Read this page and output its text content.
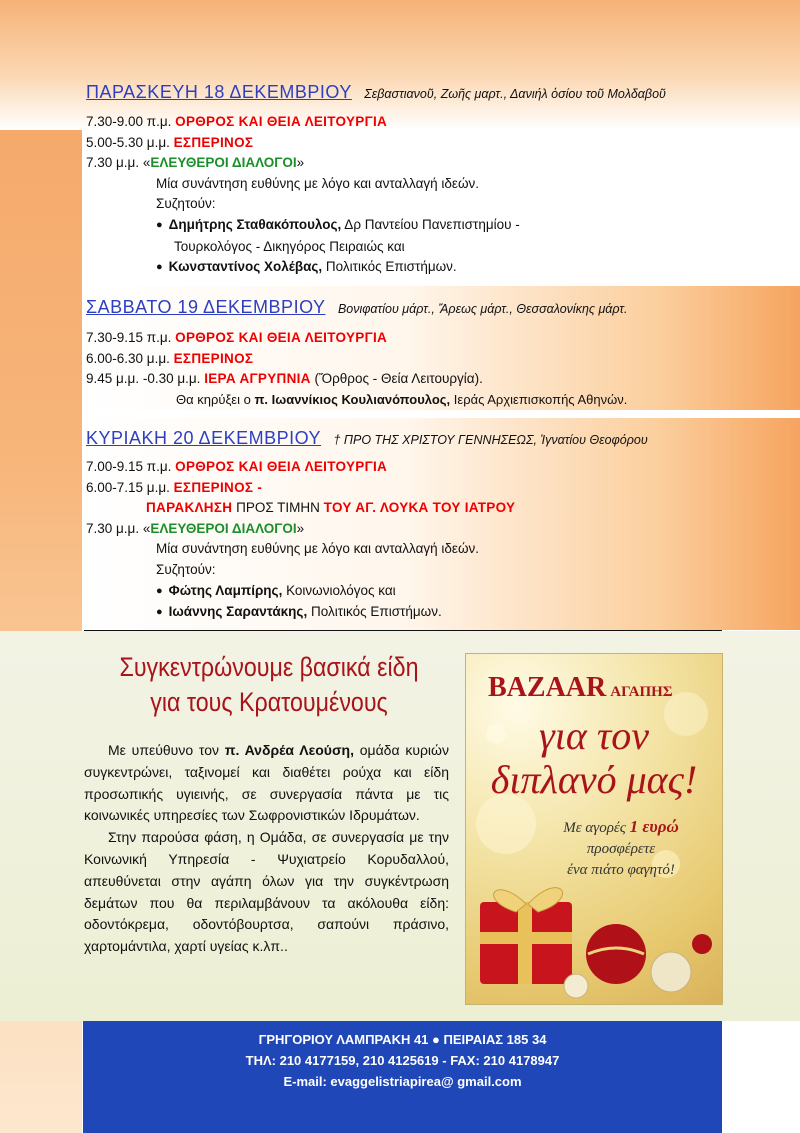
ΠΑΡΑΣΚΕΥΗ 18 ΔΕΚΕΜΒΡΙΟΥ Σεβαστιανοῦ, Ζωῆς μαρτ., Δανιήλ ὁσίου τοῦ Μολδαβοῦ
7.30-9.00 π.μ. ΟΡΘΡΟΣ ΚΑΙ ΘΕΙΑ ΛΕΙΤΟΥΡΓΙΑ
5.00-5.30 μ.μ. ΕΣΠΕΡΙΝΟΣ
7.30 μ.μ. «ΕΛΕΥΘΕΡΟΙ ΔΙΑΛΟΓΟΙ»
Μία συνάντηση ευθύνης με λόγο και ανταλλαγή ιδεών.
Συζητούν:
● Δημήτρης Σταθακόπουλος, Δρ Παντείου Πανεπιστημίου -
Τουρκολόγος - Δικηγόρος Πειραιώς και
● Κωνσταντίνος Χολέβας, Πολιτικός Επιστήμων.
ΣΑΒΒΑΤΟ 19 ΔΕΚΕΜΒΡΙΟΥ Βονιφατίου μάρτ., Ἄρεως μάρτ., Θεσσαλονίκης μάρτ.
7.30-9.15 π.μ. ΟΡΘΡΟΣ ΚΑΙ ΘΕΙΑ ΛΕΙΤΟΥΡΓΙΑ
6.00-6.30 μ.μ. ΕΣΠΕΡΙΝΟΣ
9.45 μ.μ. -0.30 μ.μ. ΙΕΡΑ ΑΓΡΥΠΝΙΑ (Ὄρθρος - Θεία Λειτουργία).
Θα κηρύξει ο π. Ιωαννίκιος Κουλιανόπουλος, Ιεράς Αρχιεπισκοπής Αθηνών.
ΚΥΡΙΑΚΗ 20 ΔΕΚΕΜΒΡΙΟΥ † ΠΡΟ ΤΗΣ ΧΡΙΣΤΟΥ ΓΕΝΝΗΣΕΩΣ, Ἰγνατίου Θεοφόρου
7.00-9.15 π.μ. ΟΡΘΡΟΣ ΚΑΙ ΘΕΙΑ ΛΕΙΤΟΥΡΓΙΑ
6.00-7.15 μ.μ. ΕΣΠΕΡΙΝΟΣ -
ΠΑΡΑΚΛΗΣΗ ΠΡΟΣ ΤΙΜΗΝ ΤΟΥ ΑΓ. ΛΟΥΚΑ ΤΟΥ ΙΑΤΡΟΥ
7.30 μ.μ. «ΕΛΕΥΘΕΡΟΙ ΔΙΑΛΟΓΟΙ»
Μία συνάντηση ευθύνης με λόγο και ανταλλαγή ιδεών.
Συζητούν:
● Φώτης Λαμπίρης, Κοινωνιολόγος και
● Ιωάννης Σαραντάκης, Πολιτικός Επιστήμων.
Συγκεντρώνουμε βασικά είδη
για τους Κρατουμένους

Με υπεύθυνο τον π. Ανδρέα Λεούση, ομάδα κυριών συγκεντρώνει, ταξινομεί και διαθέτει ρούχα και είδη προσωπικής υγιεινής, σε συνεργασία πάντα με τις κοινωνικές υπηρεσίες των Σωφρονιστικών Ιδρυμάτων.

Στην παρούσα φάση, η Ομάδα, σε συνεργασία με την Κοινωνική Υπηρεσία - Ψυχιατρείο Κορυδαλλού, απευθύνεται στην αγάπη όλων για την συγκέντρωση δεμάτων που θα περιλαμβάνουν τα ακόλουθα είδη: οδοντόκρεμα, οδοντόβουρτσα, σαπούνι πράσινο, χαρτομάντιλα, χαρτί υγείας κ.λπ..

BAZAAR ΑΓΑΠΗΣ
για τον
διπλανό μας!
Με αγορές 1 ευρώ
προσφέρετε
ένα πιάτο φαγητό!
ΓΡΗΓΟΡΙΟΥ ΛΑΜΠΡΑΚΗ 41 ● ΠΕΙΡΑΙΑΣ 185 34
ΤΗΛ: 210 4177159, 210 4125619 - FAX: 210 4178947
E-mail: evaggelistriapirea@ gmail.com
